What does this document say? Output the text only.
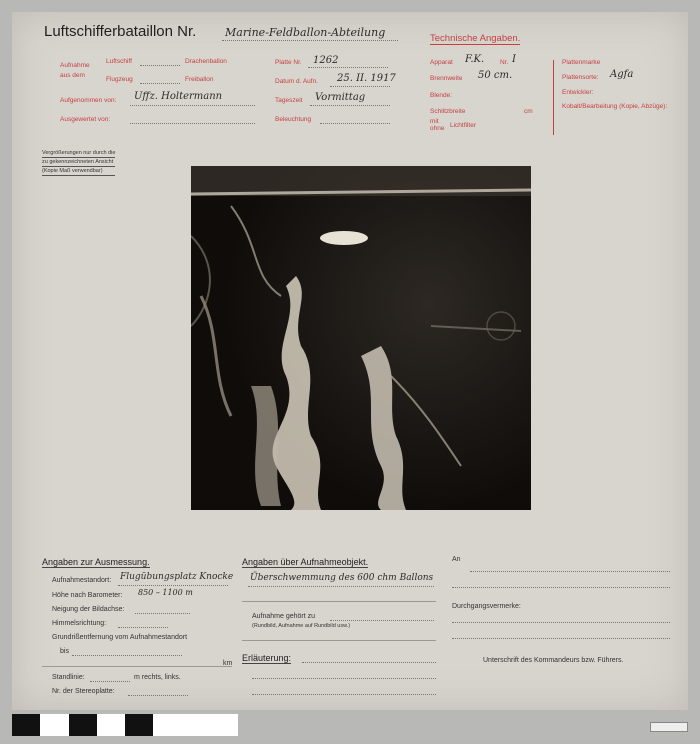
Luftschifferbataillon Nr.	Marine-Feldballon-Abteilung	Technische Angaben.
Aufnahme
aus dem
Luftschiff	Drachenballon
Flugzeug	Freiballon
Aufgenommen von: Uffz. Holtermann
Ausgewertet von:
Platte Nr. 1262
Datum d. Aufn. 25. II. 1917
Tageszeit Vormittag
Beleuchtung
Apparat F.K. Nr. I
Brennweite 50 cm.
Blende:
Schlitzbreite	cm
mit
ohne Lichtfilter
Plattenmarke
Plattensorte: Agfa
Entwickler:
Kobalt/Bearbeitung (Kopie, Abzüge):
Vergrößerungen nur durch die
zu gekennzeichneten Ansicht
(Kopie Maß verwendbar)
Angaben zur Ausmessung.
Aufnahmestandort: Flugübungsplatz Knocke
Höhe nach Barometer: 850 – 1100 m
Neigung der Bildachse:
Himmelsrichtung:
Grundrißentfernung vom Aufnahmestandort
bis
km
Standlinie:	m rechts, links.
Nr. der Stereoplatte:
Angaben über Aufnahmeobjekt.
Überschwemmung des 600 chm Ballons
Aufnahme gehört zu
(Rundbild, Aufnahme auf Rundbild usw.)
Erläuterung:
An
Durchgangsvermerke:
Unterschrift des Kommandeurs bzw. Führers.
